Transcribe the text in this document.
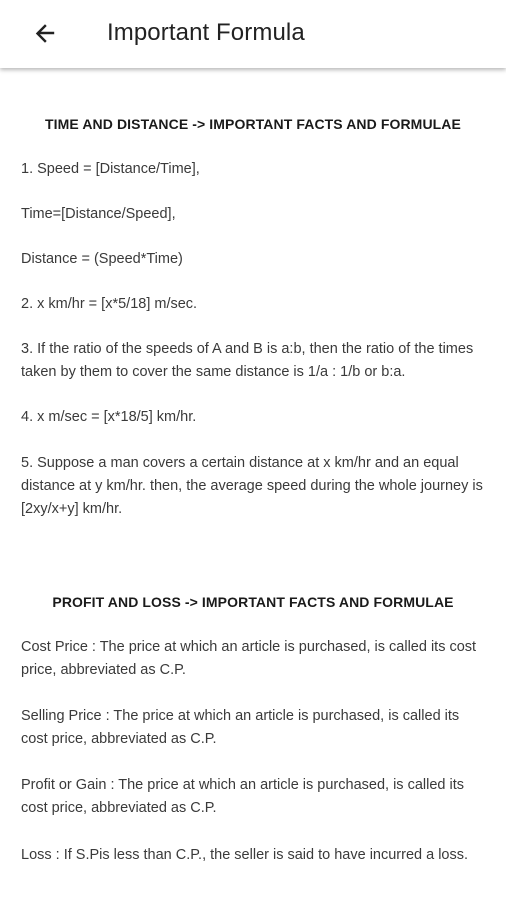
Important Formula
TIME AND DISTANCE -> IMPORTANT FACTS AND FORMULAE

1. Speed = [Distance/Time],

Time=[Distance/Speed],

Distance = (Speed*Time)

2. x km/hr = [x*5/18] m/sec.

3. If the ratio of the speeds of A and B is a:b, then the ratio of the times taken by them to cover the same distance is 1/a : 1/b or b:a.

4. x m/sec = [x*18/5] km/hr.

5. Suppose a man covers a certain distance at x km/hr and an equal distance at y km/hr. then, the average speed during the whole journey is [2xy/x+y] km/hr.

PROFIT AND LOSS -> IMPORTANT FACTS AND FORMULAE

Cost Price : The price at which an article is purchased, is called its cost price, abbreviated as C.P.

Selling Price : The price at which an article is purchased, is called its cost price, abbreviated as C.P.

Profit or Gain : The price at which an article is purchased, is called its cost price, abbreviated as C.P.

Loss : If S.Pis less than C.P., the seller is said to have incurred a loss.
